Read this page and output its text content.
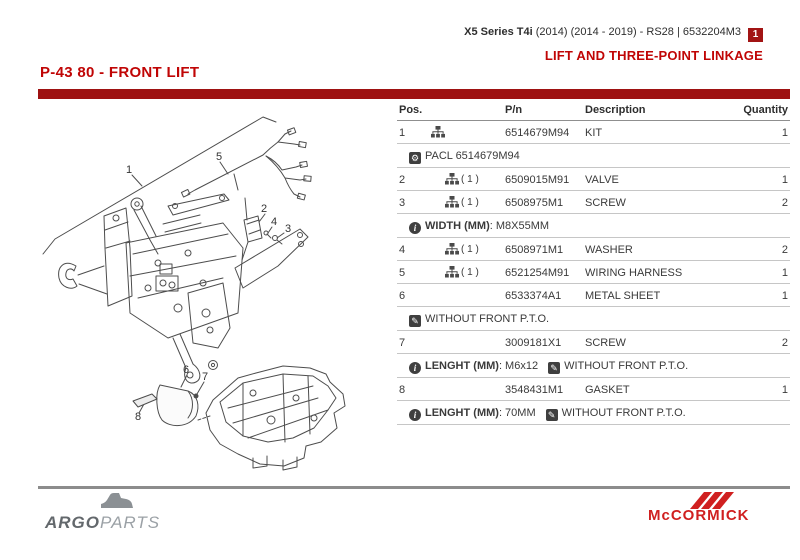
X5 Series T4i (2014) (2014 - 2019) - RS28 | 6532204M3 1
LIFT AND THREE-POINT LINKAGE
P-43 80 - FRONT LIFT
1
2
3
4
5
6
7
8
Pos.		P/n	Description	Quantity
1		6514679M94	KIT	1
⚙ PACL 6514679M94				
2	( 1 )	6509015M91	VALVE	1
3	( 1 )	6508975M1	SCREW	2
i WIDTH (MM): M8X55MM				
4	( 1 )	6508971M1	WASHER	2
5	( 1 )	6521254M91	WIRING HARNESS	1
6		6533374A1	METAL SHEET	1
✎ WITHOUT FRONT P.T.O.				
7		3009181X1	SCREW	2
i LENGHT (MM): M6x12 ✎ WITHOUT FRONT P.T.O.				
8		3548431M1	GASKET	1
i LENGHT (MM): 70MM ✎ WITHOUT FRONT P.T.O.				
ARGOPARTS	McCORMICK
